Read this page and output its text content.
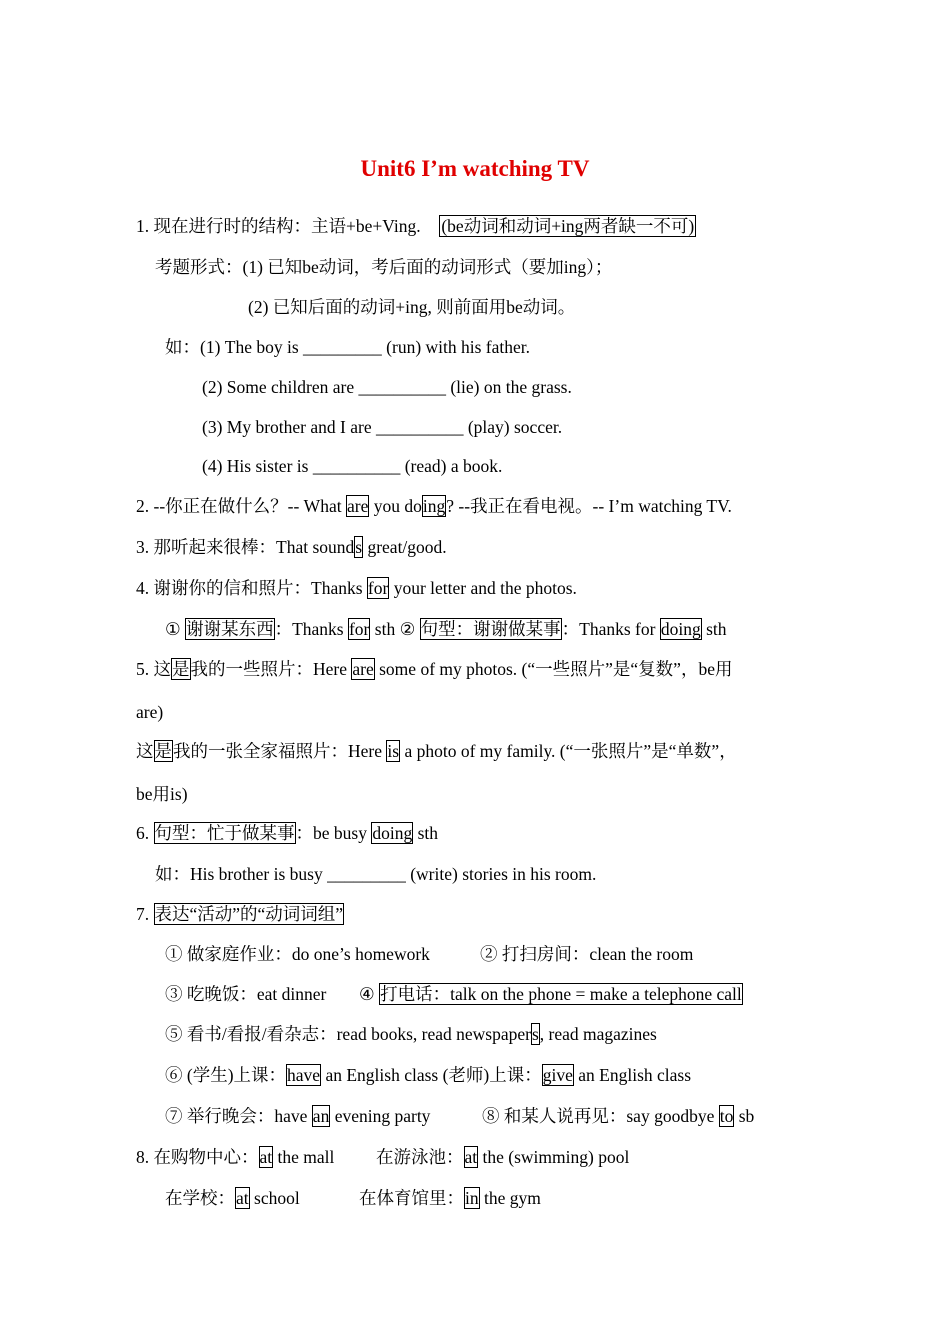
Unit6 I’m watching TV
1. 现在进行时的结构：主语+be+Ving. (be动词和动词+ing两者缺一不可)
考题形式：(1) 已知be动词，考后面的动词形式（要加ing）；
(2) 已知后面的动词+ing, 则前面用be动词。
如：(1) The boy is _________ (run) with his father.
(2) Some children are __________ (lie) on the grass.
(3) My brother and I are __________ (play) soccer.
(4) His sister is __________ (read) a book.
2. --你正在做什么？-- What are you doing? --我正在看电视。-- I’m watching TV.
3. 那听起来很棒：That sounds great/good.
4. 谢谢你的信和照片：Thanks for your letter and the photos.
① 谢谢某东西：Thanks for sth ② 句型：谢谢做某事：Thanks for doing sth
5. 这是我的一些照片：Here are some of my photos. (“一些照片”是“复数”，be用
are)
这是我的一张全家福照片：Here is a photo of my family. (“一张照片”是“单数”，
be用is)
6. 句型：忙于做某事：be busy doing sth
如：His brother is busy _________ (write) stories in his room.
7. 表达“活动”的“动词词组”
① 做家庭作业：do one’s homework	② 打扫房间：clean the room
③ 吃晚饭：eat dinner ④ 打电话：talk on the phone = make a telephone call
⑤ 看书/看报/看杂志：read books, read newspapers, read magazines
⑥ (学生)上课：have an English class (老师)上课：give an English class
⑦ 举行晚会：have an evening party	⑧ 和某人说再见：say goodbye to sb
8. 在购物中心：at the mall 在游泳池：at the (swimming) pool
在学校：at school	在体育馆里：in the gym
